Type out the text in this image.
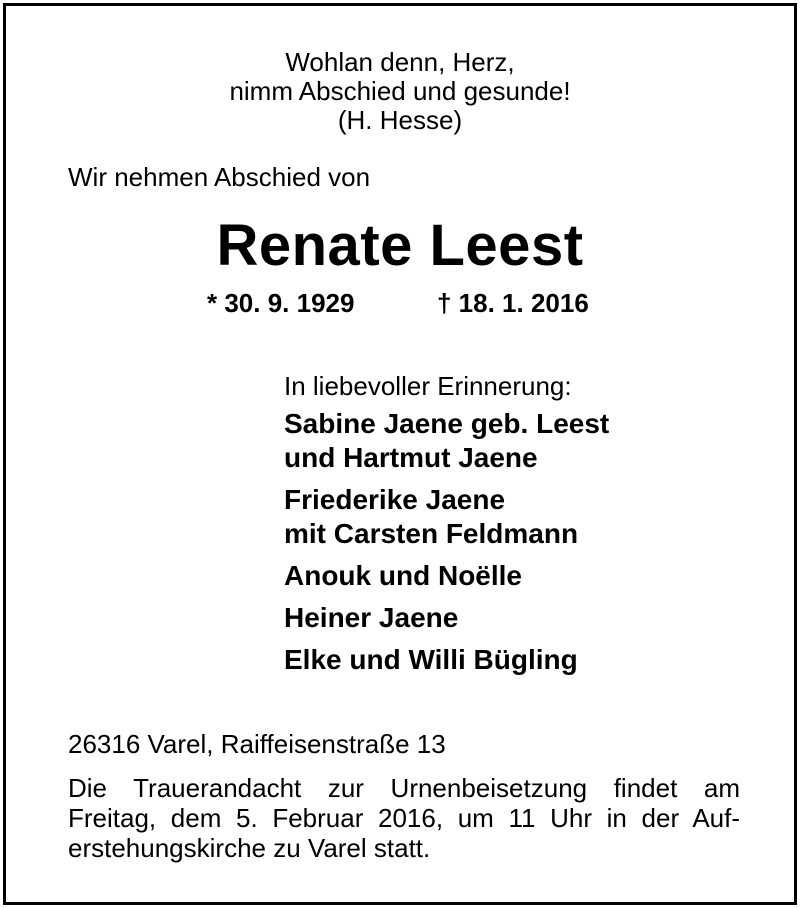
Wohlan denn, Herz,
nimm Abschied und gesunde!
(H. Hesse)
Wir nehmen Abschied von
Renate Leest
* 30. 9. 1929	† 18. 1. 2016
In liebevoller Erinnerung:
Sabine Jaene geb. Leest
und Hartmut Jaene
Friederike Jaene
mit Carsten Feldmann
Anouk und Noëlle
Heiner Jaene
Elke und Willi Bügling
26316 Varel, Raiffeisenstraße 13
Die Trauerandacht zur Urnenbeisetzung findet am
Freitag, dem 5. Februar 2016, um 11 Uhr in der Auf-
erstehungskirche zu Varel statt.
